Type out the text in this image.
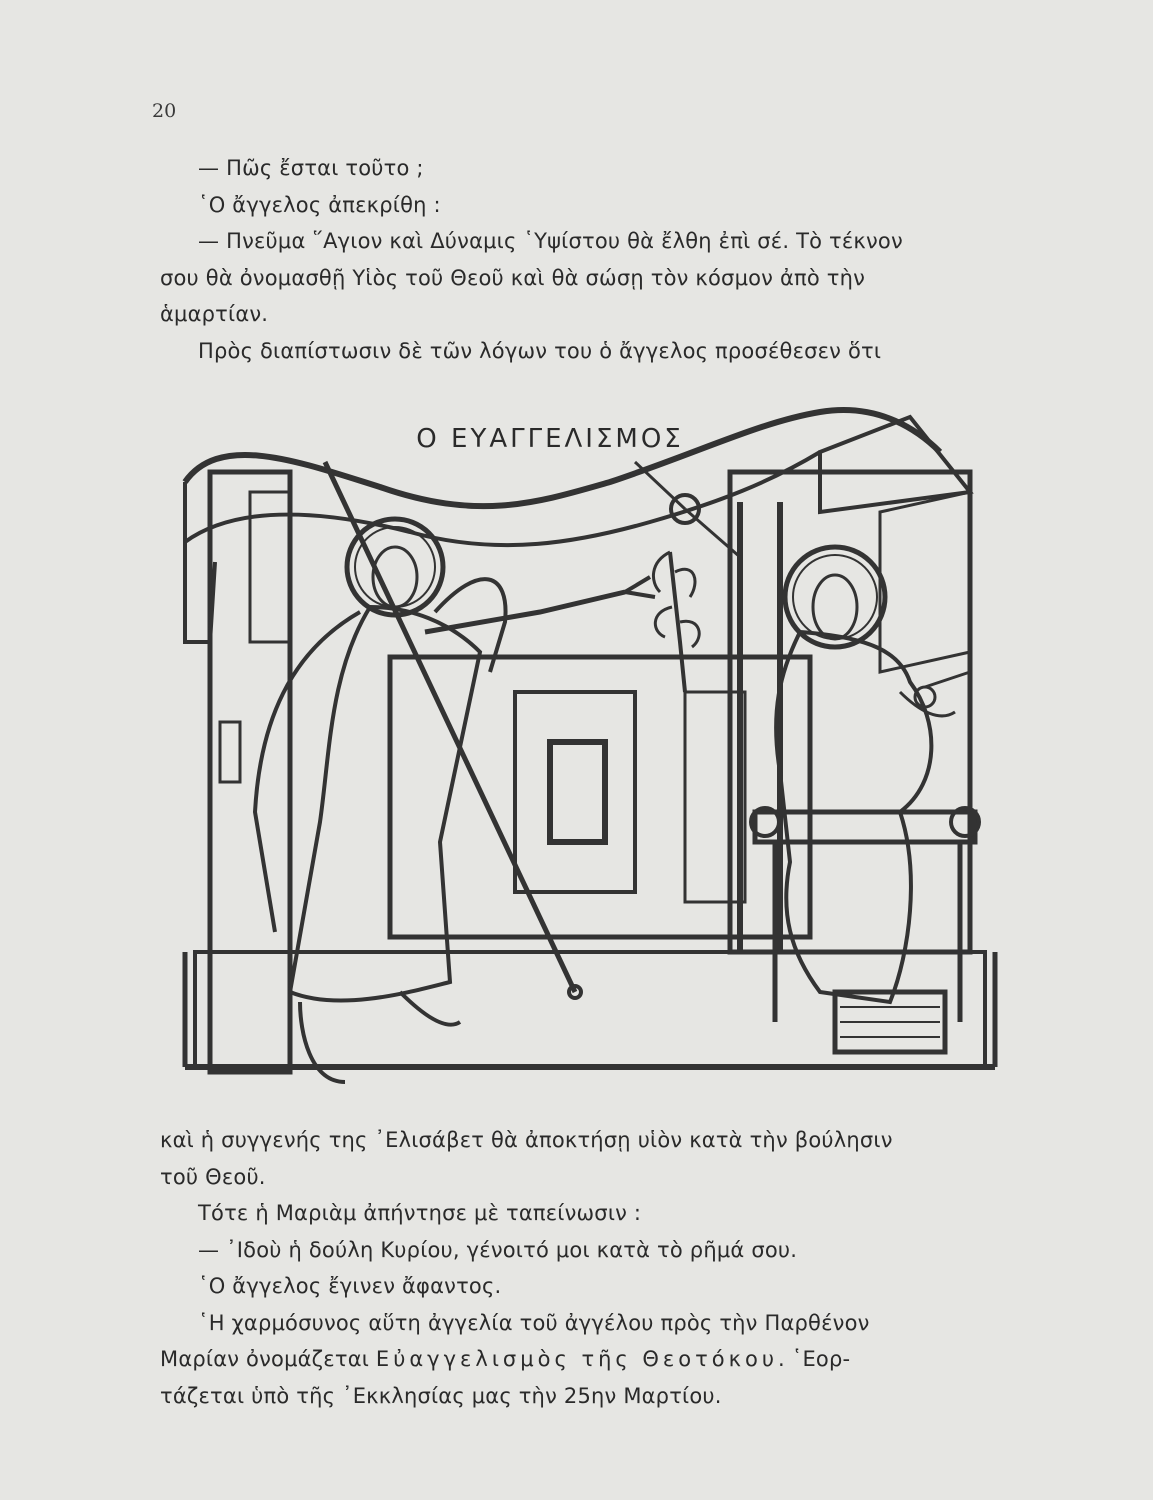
20
— Πῶς ἔσται τοῦτο ;
῾Ο ἄγγελος ἀπεκρίθη :
— Πνεῦμα ῞Αγιον καὶ Δύναμις ῾Υψίστου θὰ ἔλθη ἐπὶ σέ. Τὸ τέκνον
σου θὰ ὀνομασθῇ Υἱὸς τοῦ Θεοῦ καὶ θὰ σώσῃ τὸν κόσμον ἀπὸ τὴν
ἁμαρτίαν.
Πρὸς διαπίστωσιν δὲ τῶν λόγων του ὁ ἄγγελος προσέθεσεν ὅτι
Ο ΕΥΑΓΓΕΛΙΣΜΟΣ
καὶ ἡ συγγενής της ᾿Ελισάβετ θὰ ἀποκτήσῃ υἱὸν κατὰ τὴν βούλησιν
τοῦ Θεοῦ.
Τότε ἡ Μαριὰμ ἀπήντησε μὲ ταπείνωσιν :
— ᾿Ιδοὺ ἡ δούλη Κυρίου, γένοιτό μοι κατὰ τὸ ρῆμά σου.
῾Ο ἄγγελος ἔγινεν ἄφαντος.
῾Η χαρμόσυνος αὕτη ἀγγελία τοῦ ἀγγέλου πρὸς τὴν Παρθένον
Μαρίαν ὀνομάζεται Εὐαγγελισμὸς τῆς Θεοτόκου. ῾Εορ-
τάζεται ὑπὸ τῆς ᾿Εκκλησίας μας τὴν 25ην Μαρτίου.
